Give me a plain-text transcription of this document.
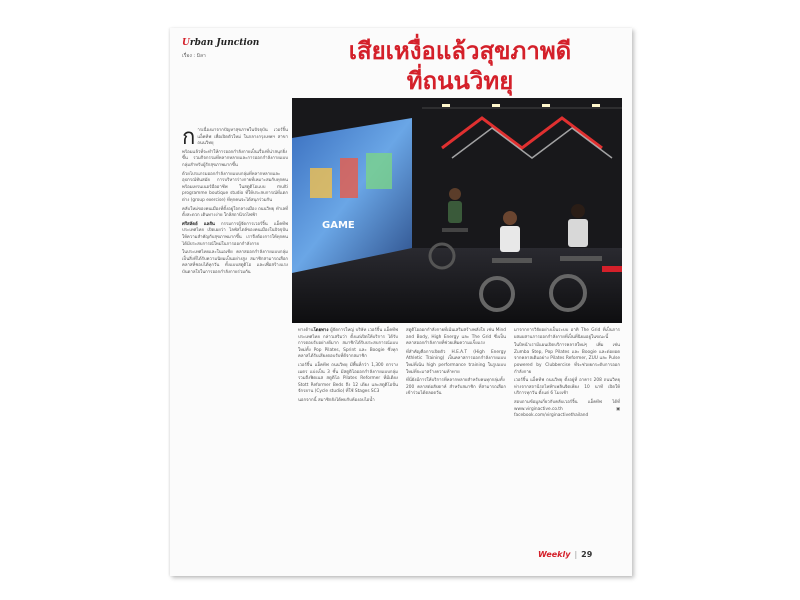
Urban Junction
เรื่อง : มิลา
	เสียเหงื่อแล้วสุขภาพดี
ที่ถนนวิทยุ
GAME

การเนื่องมาจากปัญหาสุขภาพในปัจจุบัน เวอร์จิ้น แอ็คทีฟ เพื่อเปิดตัวใหม่ ในกลางกรุงเทพฯ สาขาถนนวิทยุ

พร้อมแล้วที่จะทำให้การออกกำลังกายเป็นเรื่องที่น่าสนุกยิ่งขึ้น รวมกิจกรรมที่หลากหลายและการออกกำลังกายแบบกลุ่มสำหรับผู้รักสุขภาพมากขึ้น

ด้วยโปรแกรมออกกำลังกายแบบกลุ่มที่หลากหลายและอุปกรณ์ทันสมัย การบริหารร่างกายที่เหมาะสมกับทุกคน พร้อมเทรนเนอร์มืออาชีพ ในสตูดิโอแบบ multi programme boutique studio ที่ให้ประสบการณ์ที่แตกต่าง (group exercise) ที่ทุกคนจะได้สนุกร่วมกัน

คลับใหม่ของคนเมืองที่ตั้งอยู่ใจกลางเมือง ถนนวิทยุ ทำเลที่ตั้งสะดวก เดินทางง่าย ใกล้สถานีรถไฟฟ้า

ศรีสลัดย์ แลสัน กรรมการผู้จัดการเวอร์จิ้น แอ็คทีฟ ประเทศไทย เปิดเผยว่า ไลฟ์สไตล์ของคนเมืองในปัจจุบันให้ความสำคัญกับสุขภาพมากขึ้น เราจึงต้องการให้ทุกคนได้มีประสบการณ์ใหม่ในการออกกำลังกาย

ในประเทศไทยและในเอเชีย คลาสออกกำลังกายแบบกลุ่มเป็นสิ่งที่ได้รับความนิยมเป็นอย่างสูง สมาชิกสามารถเลือกคลาสที่ชอบได้ทุกวัน ทั้งแบบสตูดิโอ และเพื่อสร้างแรงบันดาลใจในการออกกำลังกายร่วมกัน

ทางด้านโดยทาง ผู้จัดการใหญ่ บริษัท เวอร์จิ้น แอ็คทีฟ ประเทศไทย กล่าวเสริมว่า ตั้งแต่เปิดให้บริการ ได้รับการตอบรับอย่างดีมาก สมาชิกได้รับประสบการณ์แบบใหม่ทั้ง Pop Pilates, Sprint และ Boogie ซึ่งทุกคลาสได้รับเสียงตอบรับที่ดีจากสมาชิก

เวอร์จิ้น แอ็คทีฟ ถนนวิทยุ มีพื้นที่กว่า 1,300 ตารางเมตร แบ่งเป็น 3 ชั้น มีสตูดิโอออกกำลังกายแบบกลุ่ม รวมถึงฟิตเนส สตูดิโอ Pilates Reformer ที่มีเตียง Stott Reformer Beds ถึง 12 เตียง และสตูดิโอปั่นจักรยาน (Cycle studio) ที่ใช้ Stages SC3

นอกจากนี้ สมาชิกยังได้พบกับห้องอบไอน้ำ

สตูดิโอออกกำลังกายที่เน้นเสริมสร้างพลังใจ เช่น Mind and Body, High Energy และ The Grid ซึ่งเป็นคลาสออกกำลังกายที่ช่วยเพิ่มความแข็งแรง

ที่สำคัญคือการเปิดตัว H.E.A.T (High Energy Athletic Training) เป็นคลาสการออกกำลังกายแบบใหม่ที่เน้น high performance training ในรูปแบบใหม่ที่จะมาสร้างความท้าทาย

ที่นี่ยังมีการให้บริการที่หลากหลายสำหรับคนทุกกลุ่มทั้ง 200 คลาสต่อสัปดาห์ สำหรับสมาชิก ที่สามารถเลือกเข้าร่วมได้ตลอดวัน

มาจากการวิจัยอย่างเป็นระบบ อาทิ The Grid ที่เป็นการผสมผสานการออกกำลังกายที่เป็นที่นิยมอยู่ในขณะนี้

ในปีหน้าเรามีแผนเปิดบริการคลาสใหม่ๆ เพิ่ม เช่น Zumba Step, Pop Pilates และ Boogie และต่อยอดจากคลาสเดิมอย่าง Pilates Reformer, ZUU และ Pulse powered by Clubbercise ที่จะช่วยยกระดับการออกกำลังกาย

เวอร์จิ้น แอ็คทีฟ ถนนวิทยุ ตั้งอยู่ที่ อาคาร 208 ถนนวิทยุ ห่างจากสถานีรถไฟฟ้าเพลินจิตเพียง 10 นาที เปิดให้บริการทุกวัน ตั้งแต่ 6 โมงเช้า

สอบถามข้อมูลเกี่ยวกับคลับเวอร์จิ้น แอ็คทีฟ ได้ที่ www.virginactive.co.th	▣ facebook.com/virginactivethailand

Weekly | 29
